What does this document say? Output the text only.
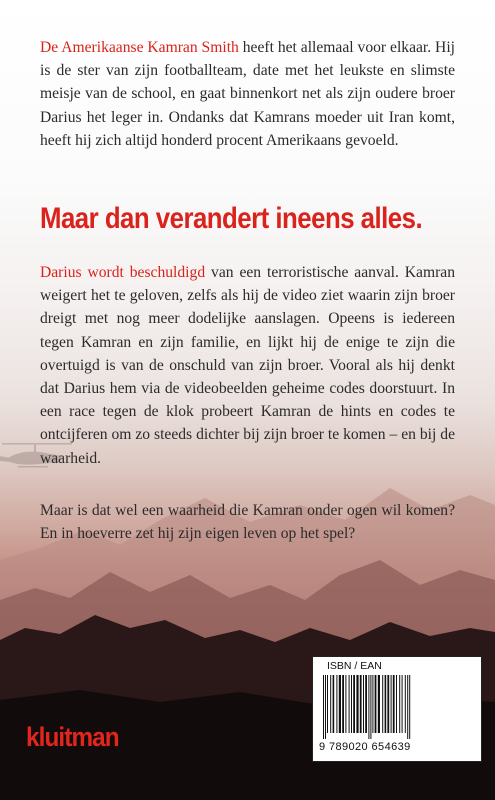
De Amerikaanse Kamran Smith heeft het allemaal voor elkaar. Hij is de ster van zijn footballteam, date met het leukste en slimste meisje van de school, en gaat binnenkort net als zijn oudere broer Darius het leger in. Ondanks dat Kamrans moeder uit Iran komt, heeft hij zich altijd honderd procent Amerikaans gevoeld.
Maar dan verandert ineens alles.
Darius wordt beschuldigd van een terroristische aanval. Kamran weigert het te geloven, zelfs als hij de video ziet waarin zijn broer dreigt met nog meer dodelijke aanslagen. Opeens is iedereen tegen Kamran en zijn familie, en lijkt hij de enige te zijn die overtuigd is van de onschuld van zijn broer. Vooral als hij denkt dat Darius hem via de videobeelden geheime codes doorstuurt. In een race tegen de klok probeert Kamran de hints en codes te ontcijferen om zo steeds dichter bij zijn broer te komen – en bij de waarheid.
Maar is dat wel een waarheid die Kamran onder ogen wil komen? En in hoeverre zet hij zijn eigen leven op het spel?
ISBN / EAN
9 789020 654639
kluitman
